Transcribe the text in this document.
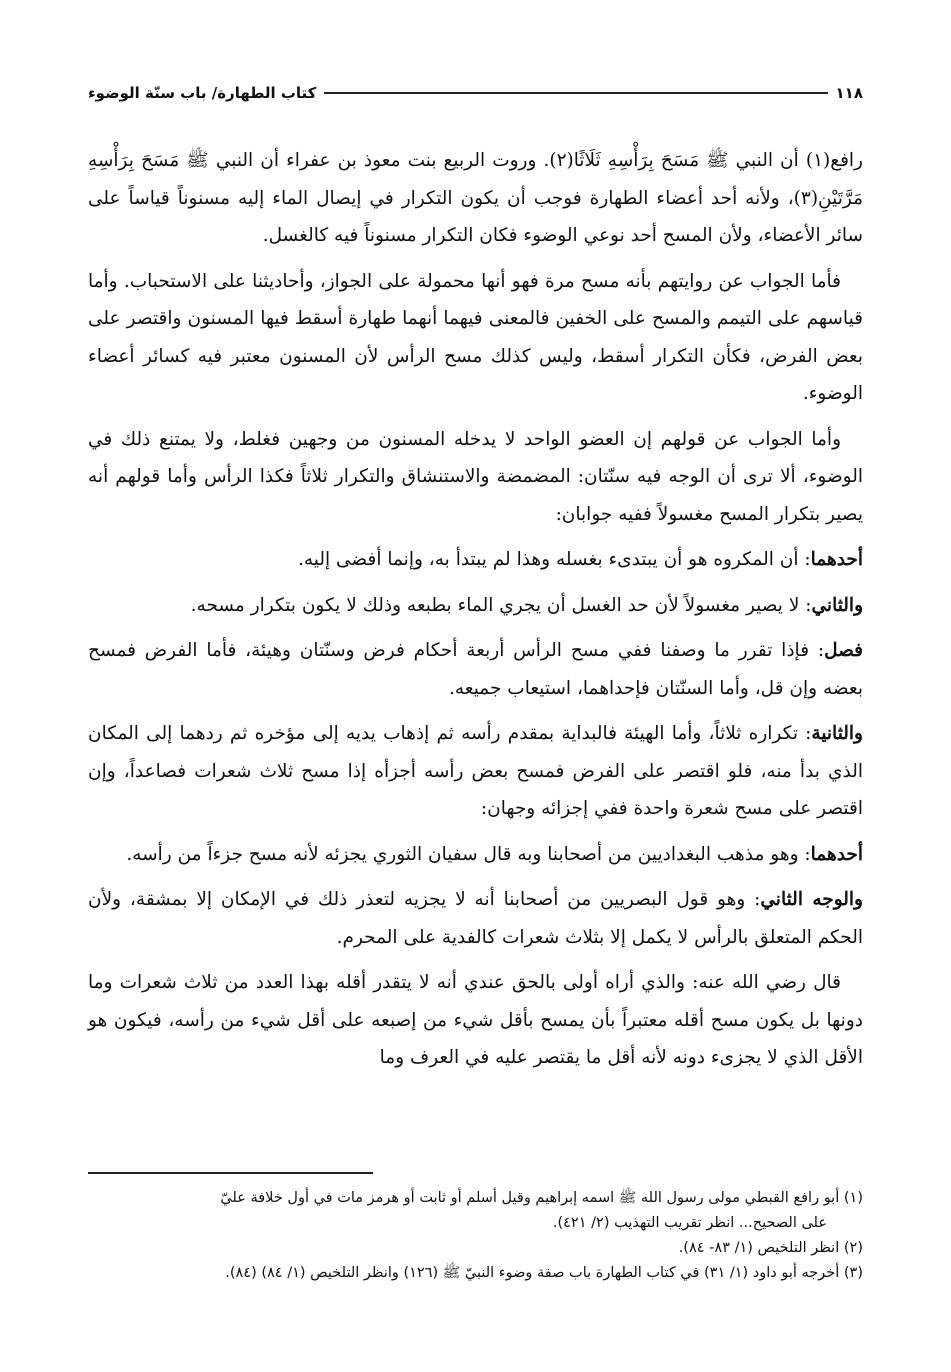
١١٨
كتاب الطهارة/ باب سنّة الوضوء

رافع(١) أن النبي ﷺ مَسَحَ بِرَأْسِهِ ثَلَاثًا(٢). وروت الربيع بنت معوذ بن عفراء أن النبي ﷺ مَسَحَ بِرَأْسِهِ مَرَّتَيْنِ(٣)، ولأنه أحد أعضاء الطهارة فوجب أن يكون التكرار في إيصال الماء إليه مسنوناً قياساً على سائر الأعضاء، ولأن المسح أحد نوعي الوضوء فكان التكرار مسنوناً فيه كالغسل.

فأما الجواب عن روايتهم بأنه مسح مرة فهو أنها محمولة على الجواز، وأحاديثنا على الاستحباب. وأما قياسهم على التيمم والمسح على الخفين فالمعنى فيهما أنهما طهارة أسقط فيها المسنون واقتصر على بعض الفرض، فكأن التكرار أسقط، وليس كذلك مسح الرأس لأن المسنون معتبر فيه كسائر أعضاء الوضوء.

وأما الجواب عن قولهم إن العضو الواحد لا يدخله المسنون من وجهين فغلط، ولا يمتنع ذلك في الوضوء، ألا ترى أن الوجه فيه سنّتان: المضمضة والاستنشاق والتكرار ثلاثاً فكذا الرأس وأما قولهم أنه يصير بتكرار المسح مغسولاً ففيه جوابان:

أحدهما: أن المكروه هو أن يبتدىء بغسله وهذا لم يبتدأ به، وإنما أفضى إليه.

والثاني: لا يصير مغسولاً لأن حد الغسل أن يجري الماء بطبعه وذلك لا يكون بتكرار مسحه.

فصل: فإذا تقرر ما وصفنا ففي مسح الرأس أربعة أحكام فرض وسنّتان وهيئة، فأما الفرض فمسح بعضه وإن قل، وأما السنّتان فإحداهما، استيعاب جميعه.

والثانية: تكراره ثلاثاً، وأما الهيئة فالبداية بمقدم رأسه ثم إذهاب يديه إلى مؤخره ثم ردهما إلى المكان الذي بدأ منه، فلو اقتصر على الفرض فمسح بعض رأسه أجزأه إذا مسح ثلاث شعرات فصاعداً، وإن اقتصر على مسح شعرة واحدة ففي إجزائه وجهان:

أحدهما: وهو مذهب البغداديين من أصحابنا وبه قال سفيان الثوري يجزئه لأنه مسح جزءاً من رأسه.

والوجه الثاني: وهو قول البصريين من أصحابنا أنه لا يجزيه لتعذر ذلك في الإمكان إلا بمشقة، ولأن الحكم المتعلق بالرأس لا يكمل إلا بثلاث شعرات كالفدية على المحرم.

قال رضي الله عنه: والذي أراه أولى بالحق عندي أنه لا يتقدر أقله بهذا العدد من ثلاث شعرات وما دونها بل يكون مسح أقله معتبراً بأن يمسح بأقل شيء من إصبعه على أقل شيء من رأسه، فيكون هو الأقل الذي لا يجزىء دونه لأنه أقل ما يقتصر عليه في العرف وما

(١) أبو رافع القبطي مولى رسول الله ﷺ اسمه إبراهيم وقيل أسلم أو ثابت أو هرمز مات في أول خلافة عليّ

على الصحيح... انظر تقريب التهذيب (٢/ ٤٢١).

(٢) انظر التلخيص (١/ ٨٣- ٨٤).

(٣) أخرجه أبو داود (١/ ٣١) في كتاب الطهارة باب صفة وضوء النبيّ ﷺ (١٢٦) وانظر التلخيص (١/ ٨٤) (٨٤).
